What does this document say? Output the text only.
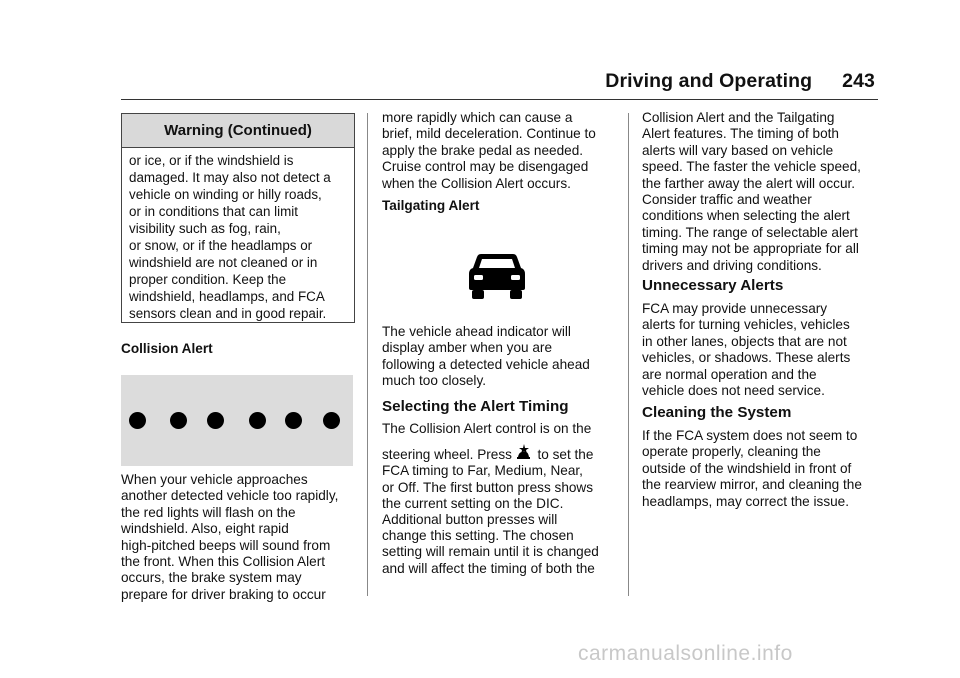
Driving and Operating 243
Warning (Continued)
or ice, or if the windshield is
damaged. It may also not detect a
vehicle on winding or hilly roads,
or in conditions that can limit
visibility such as fog, rain,
or snow, or if the headlamps or
windshield are not cleaned or in
proper condition. Keep the
windshield, headlamps, and FCA
sensors clean and in good repair.
Collision Alert
When your vehicle approaches
another detected vehicle too rapidly,
the red lights will flash on the
windshield. Also, eight rapid
high-pitched beeps will sound from
the front. When this Collision Alert
occurs, the brake system may
prepare for driver braking to occur
more rapidly which can cause a
brief, mild deceleration. Continue to
apply the brake pedal as needed.
Cruise control may be disengaged
when the Collision Alert occurs.
Tailgating Alert
The vehicle ahead indicator will
display amber when you are
following a detected vehicle ahead
much too closely.
Selecting the Alert Timing
The Collision Alert control is on the
steering wheel. Press  to set the
FCA timing to Far, Medium, Near,
or Off. The first button press shows
the current setting on the DIC.
Additional button presses will
change this setting. The chosen
setting will remain until it is changed
and will affect the timing of both the
Collision Alert and the Tailgating
Alert features. The timing of both
alerts will vary based on vehicle
speed. The faster the vehicle speed,
the farther away the alert will occur.
Consider traffic and weather
conditions when selecting the alert
timing. The range of selectable alert
timing may not be appropriate for all
drivers and driving conditions.
Unnecessary Alerts
FCA may provide unnecessary
alerts for turning vehicles, vehicles
in other lanes, objects that are not
vehicles, or shadows. These alerts
are normal operation and the
vehicle does not need service.
Cleaning the System
If the FCA system does not seem to
operate properly, cleaning the
outside of the windshield in front of
the rearview mirror, and cleaning the
headlamps, may correct the issue.
carmanualsonline.info
